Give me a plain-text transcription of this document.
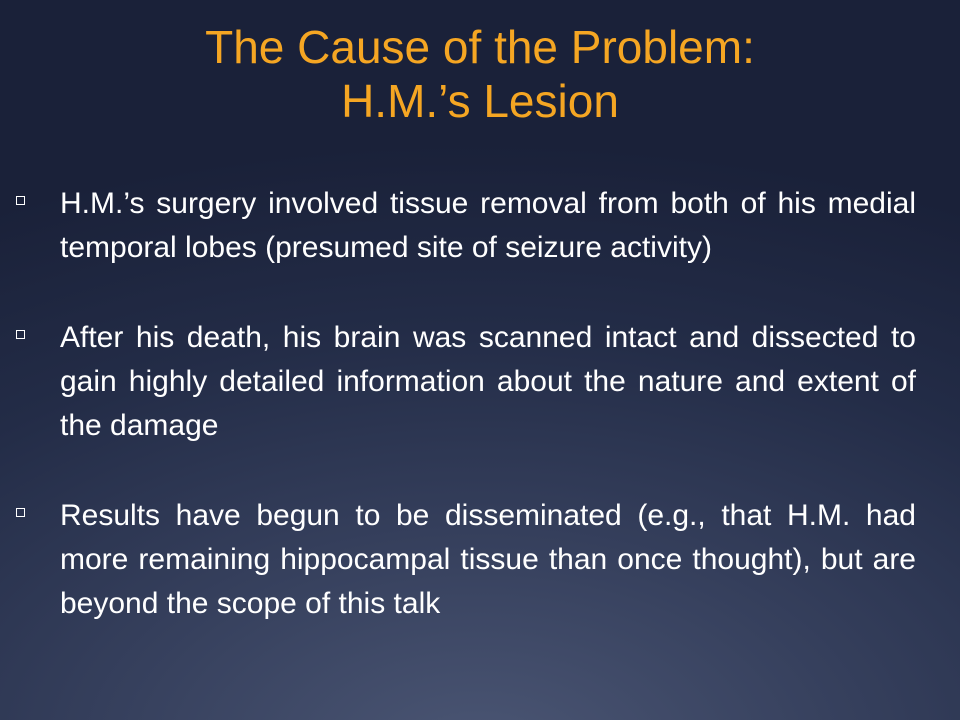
The Cause of the Problem:
H.M.’s Lesion
H.M.’s surgery involved tissue removal from both of his medial temporal lobes (presumed site of seizure activity)
After his death, his brain was scanned intact and dissected to gain highly detailed information about the nature and extent of the damage
Results have begun to be disseminated (e.g., that H.M. had more remaining hippocampal tissue than once thought), but are beyond the scope of this talk
